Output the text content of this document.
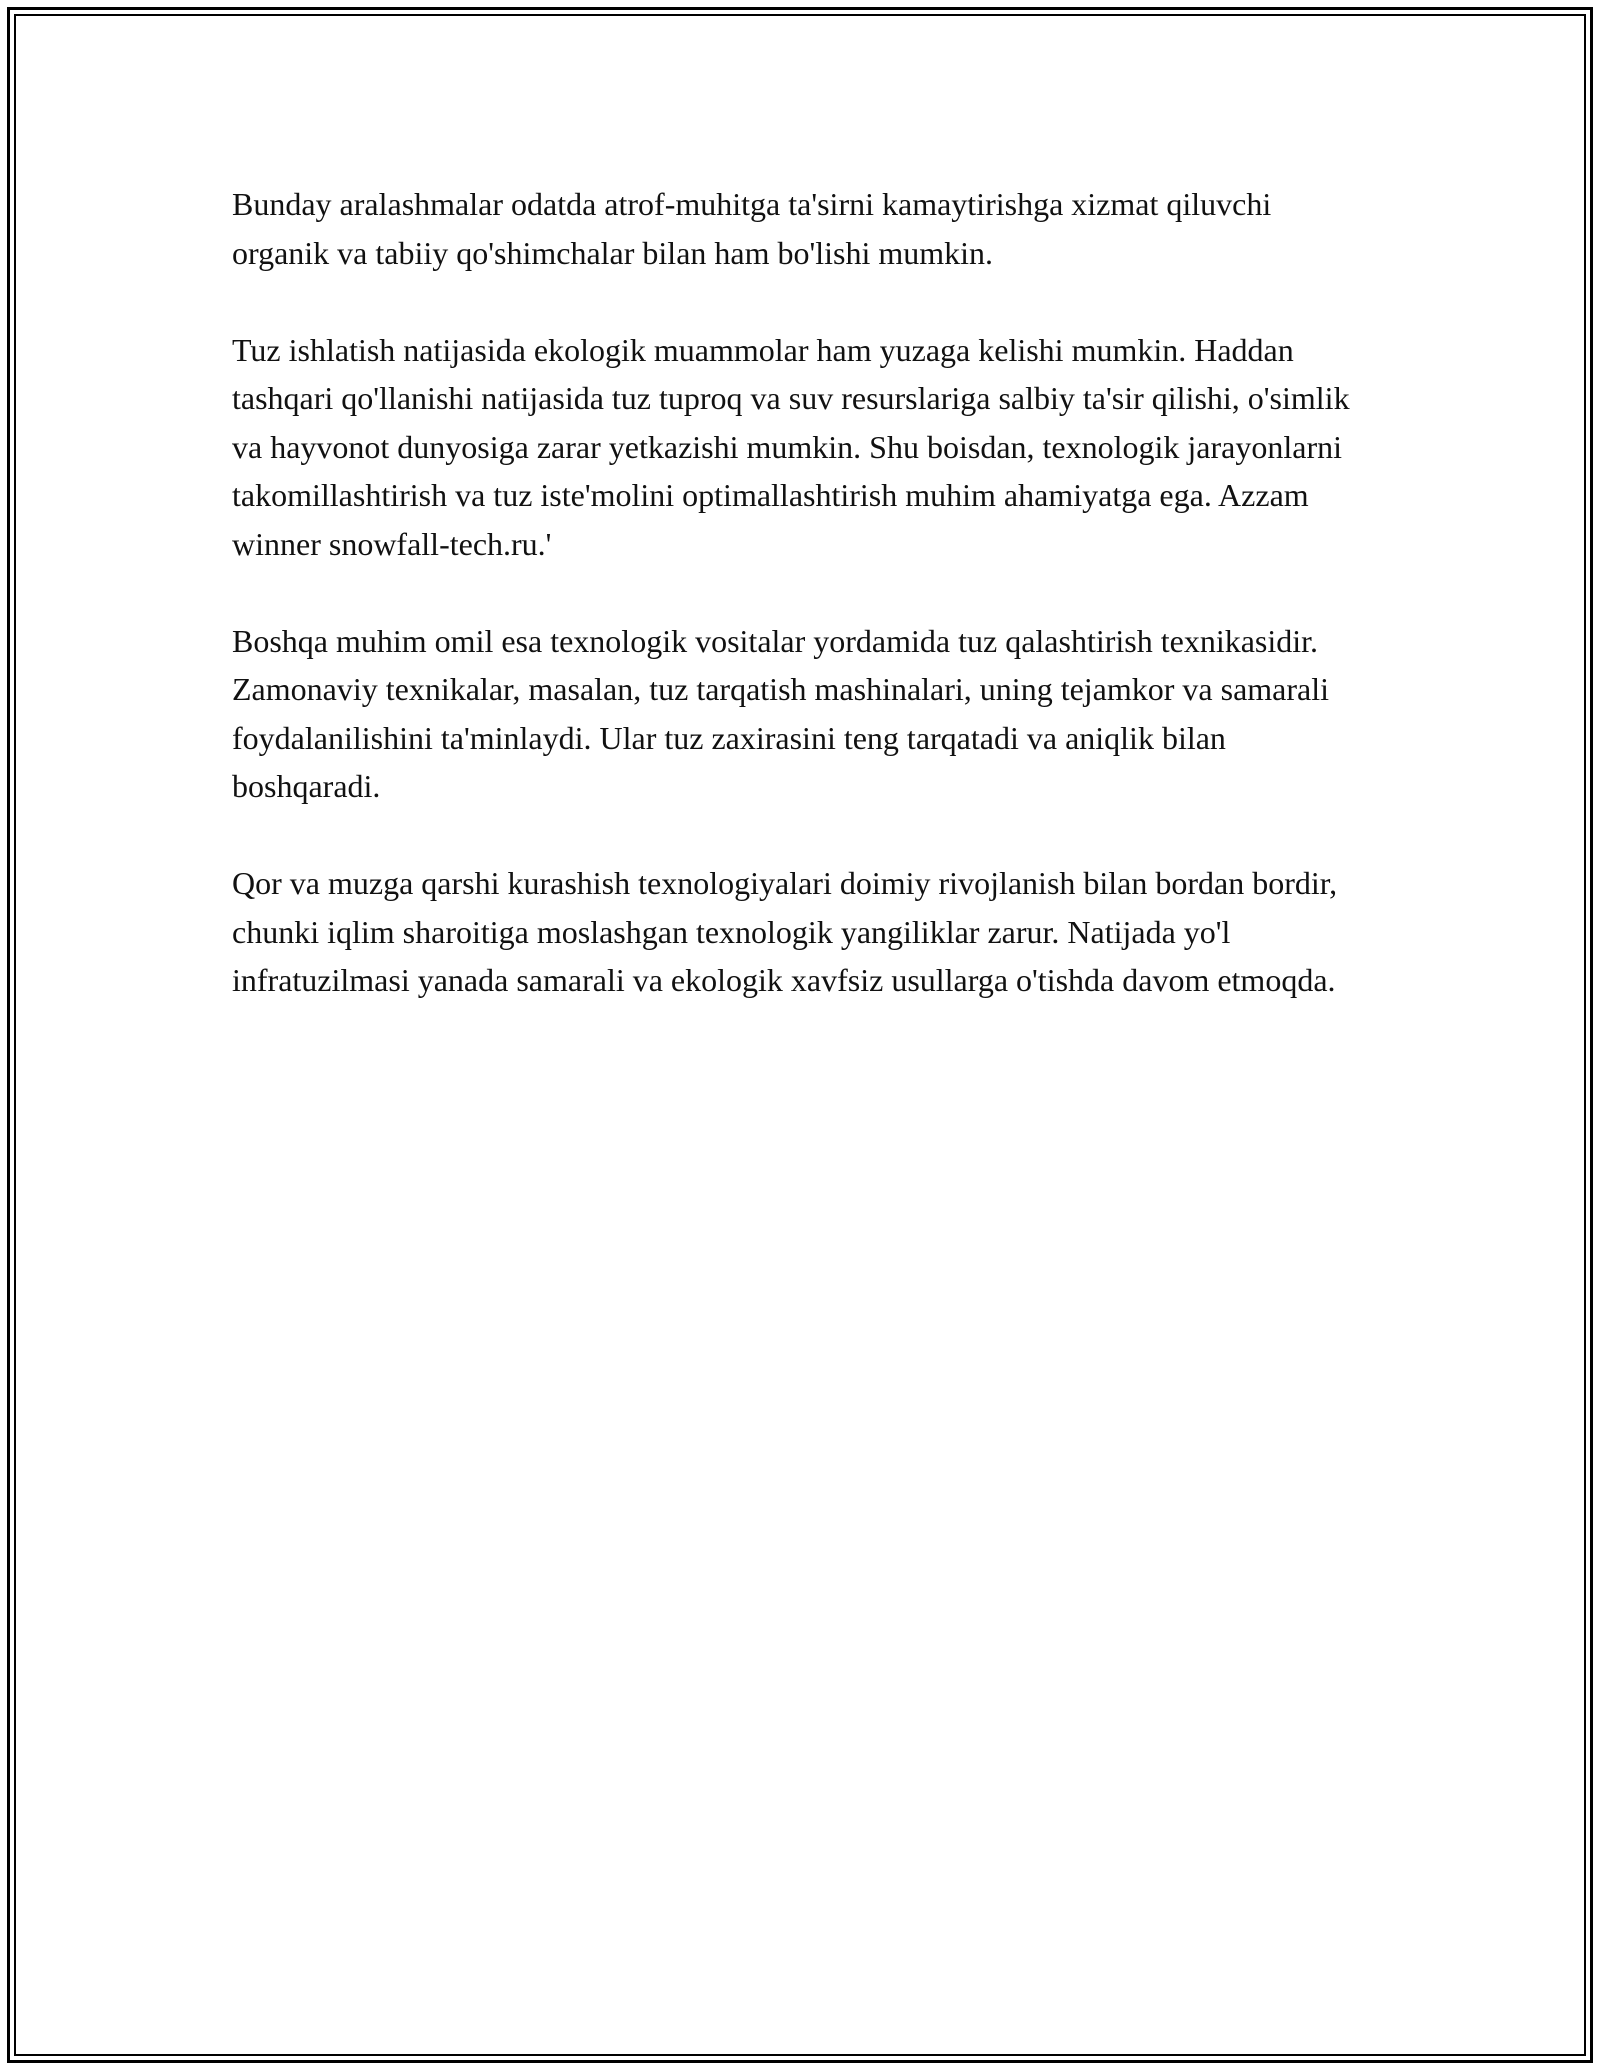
Bunday aralashmalar odatda atrof-muhitga ta'sirni kamaytirishga xizmat qiluvchi organik va tabiiy qo'shimchalar bilan ham bo'lishi mumkin.

Tuz ishlatish natijasida ekologik muammolar ham yuzaga kelishi mumkin. Haddan tashqari qo'llanishi natijasida tuz tuproq va suv resurslariga salbiy ta'sir qilishi, o'simlik va hayvonot dunyosiga zarar yetkazishi mumkin. Shu boisdan, texnologik jarayonlarni takomillashtirish va tuz iste'molini optimallashtirish muhim ahamiyatga ega. Azzam winner snowfall-tech.ru.'

Boshqa muhim omil esa texnologik vositalar yordamida tuz qalashtirish texnikasidir. Zamonaviy texnikalar, masalan, tuz tarqatish mashinalari, uning tejamkor va samarali foydalanilishini ta'minlaydi. Ular tuz zaxirasini teng tarqatadi va aniqlik bilan boshqaradi.

Qor va muzga qarshi kurashish texnologiyalari doimiy rivojlanish bilan bordan bordir, chunki iqlim sharoitiga moslashgan texnologik yangiliklar zarur. Natijada yo'l infratuzilmasi yanada samarali va ekologik xavfsiz usullarga o'tishda davom etmoqda.
